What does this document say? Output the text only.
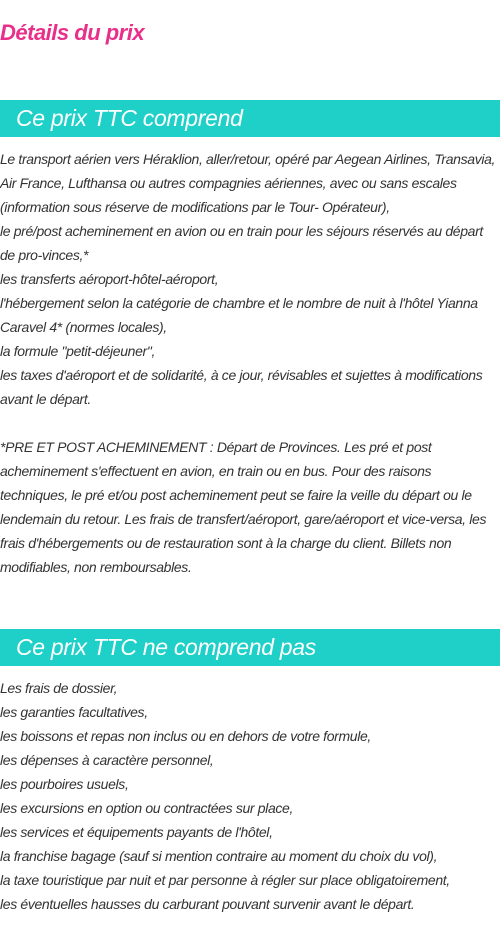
Détails du prix
Ce prix TTC comprend

Le transport aérien vers Héraklion, aller/retour, opéré par Aegean Airlines, Transavia, Air France, Lufthansa ou autres compagnies aériennes, avec ou sans escales (information sous réserve de modifications par le Tour- Opérateur),

le pré/post acheminement en avion ou en train pour les séjours réservés au départ de pro-vinces,*

les transferts aéroport-hôtel-aéroport,

l'hébergement selon la catégorie de chambre et le nombre de nuit à l'hôtel Yianna Caravel 4* (normes locales),

la formule "petit-déjeuner",

les taxes d'aéroport et de solidarité, à ce jour, révisables et sujettes à modifications avant le départ.

*PRE ET POST ACHEMINEMENT : Départ de Provinces. Les pré et post acheminement s'effectuent en avion, en train ou en bus. Pour des raisons techniques, le pré et/ou post acheminement peut se faire la veille du départ ou le lendemain du retour. Les frais de transfert/aéroport, gare/aéroport et vice-versa, les frais d'hébergements ou de restauration sont à la charge du client. Billets non modifiables, non remboursables.

Ce prix TTC ne comprend pas

Les frais de dossier,

les garanties facultatives,

les boissons et repas non inclus ou en dehors de votre formule,

les dépenses à caractère personnel,

les pourboires usuels,

les excursions en option ou contractées sur place,

les services et équipements payants de l'hôtel,

la franchise bagage (sauf si mention contraire au moment du choix du vol),

la taxe touristique par nuit et par personne à régler sur place obligatoirement,

les éventuelles hausses du carburant pouvant survenir avant le départ.
